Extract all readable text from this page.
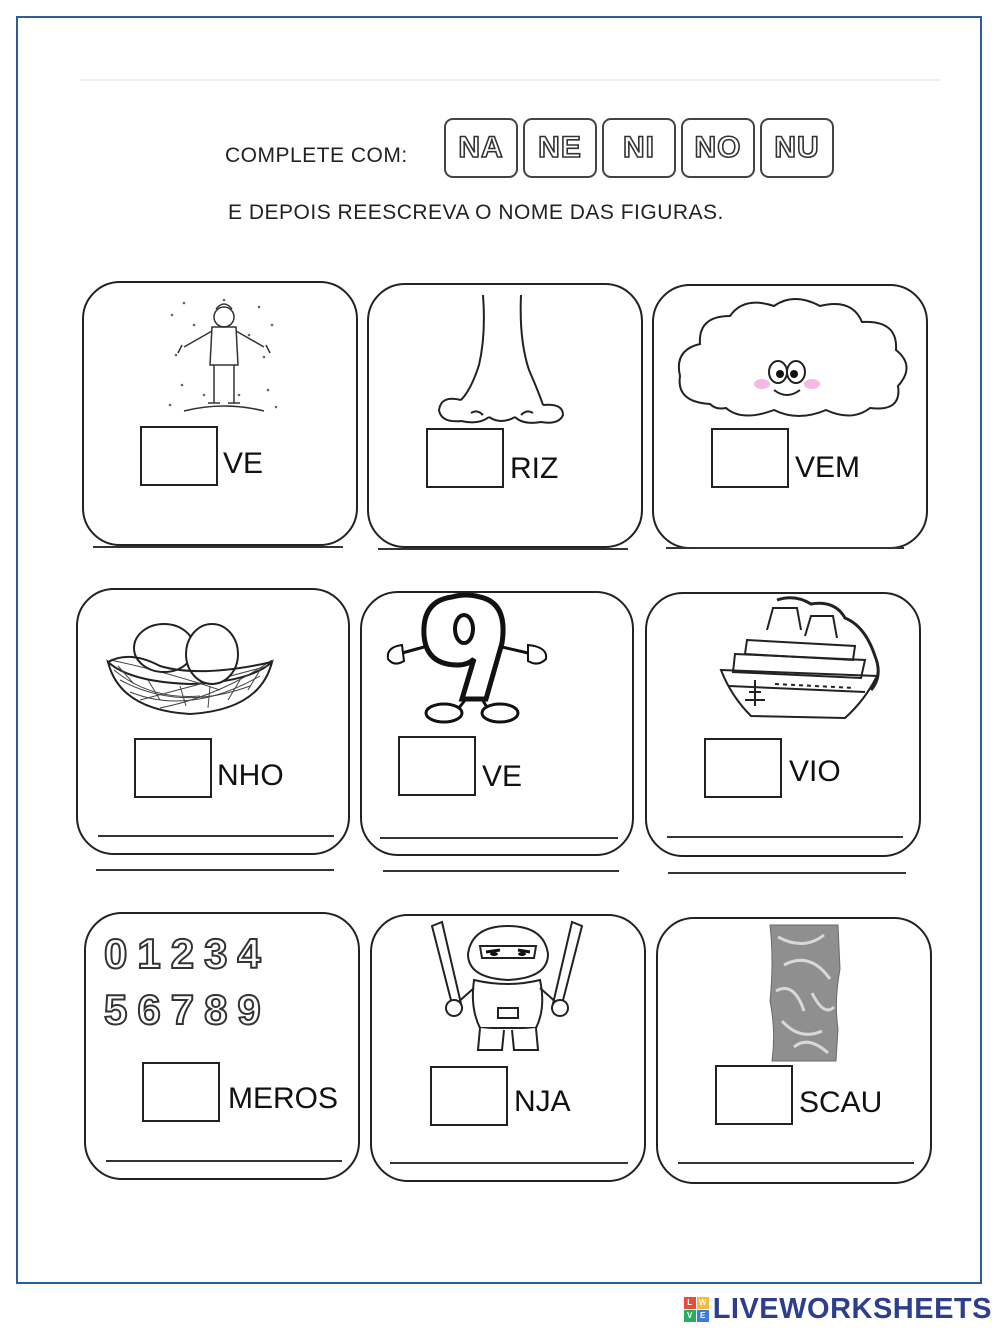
COMPLETE COM:	NA	NE	NI	NO	NU
E DEPOIS REESCREVA O NOME DAS FIGURAS.
VE	RIZ	VEM
NHO	VE	VIO
01234
56789
MEROS	NJA	SCAU
L W
V E LIVEWORKSHEETS
